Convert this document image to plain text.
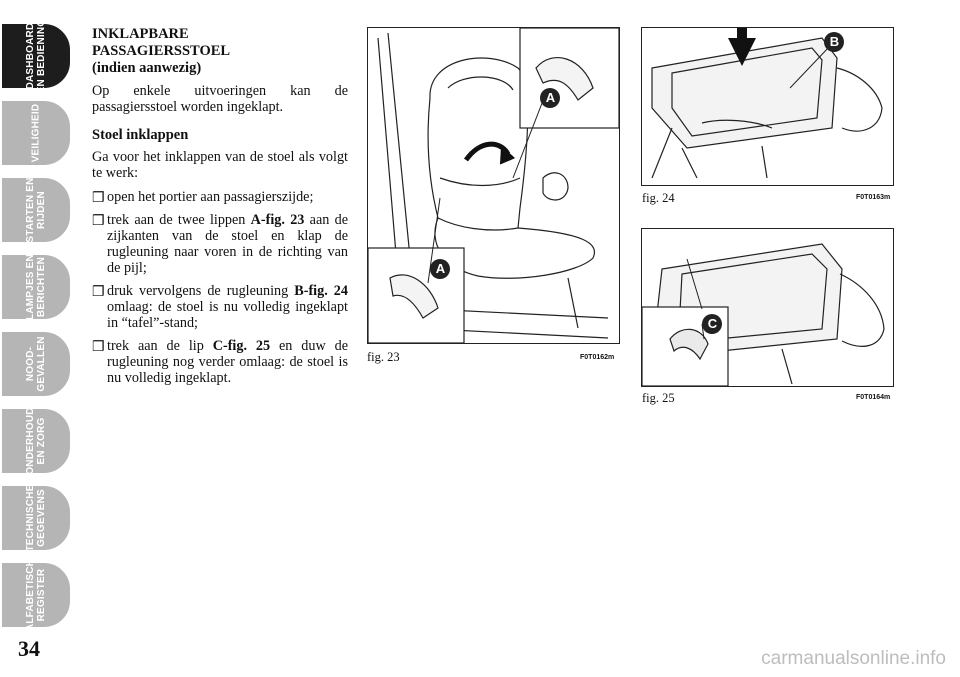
DASHBOARD EN BEDIENING
VEILIGHEID
STARTEN EN RIJDEN
LAMPJES EN BERICHTEN
NOOD- GEVALLEN
ONDERHOUD EN ZORG
TECHNISCHE GEGEVENS
ALFABETISCH REGISTER
34	carmanualsonline.info
INKLAPBARE
PASSAGIERSSTOEL
(indien aanwezig)

Op enkele uitvoeringen kan de passagiersstoel worden ingeklapt.

Stoel inklappen

Ga voor het inklappen van de stoel als volgt te werk:

❒ open het portier aan passagierszijde;
❒ trek aan de twee lippen A-fig. 23 aan de zijkanten van de stoel en klap de rugleuning naar voren in de richting van de pijl;
❒ druk vervolgens de rugleuning B-fig. 24 omlaag: de stoel is nu volledig ingeklapt in “tafel”-stand;
❒ trek aan de lip C-fig. 25 en duw de rugleuning nog verder omlaag: de stoel is nu volledig ingeklapt.
A
A
fig. 23	F0T0162m
B
fig. 24	F0T0163m
C
fig. 25	F0T0164m
